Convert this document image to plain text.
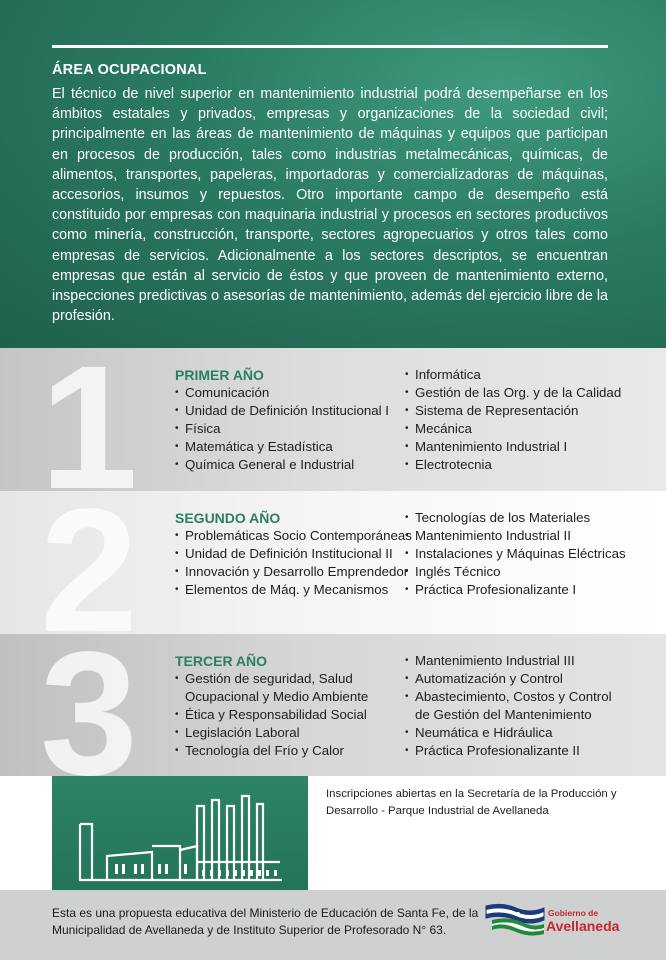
ÁREA OCUPACIONAL

El técnico de nivel superior en mantenimiento industrial podrá desempeñarse en los ámbitos estatales y privados, empresas y organizaciones de la sociedad civil; principalmente en las áreas de mantenimiento de máquinas y equipos que participan en procesos de producción, tales como industrias metalmecánicas, químicas, de alimentos, transportes, papeleras, importadoras y comercializadoras de máquinas, accesorios, insumos y repuestos. Otro importante campo de desempeño está constituido por empresas con maquinaria industrial y procesos en sectores productivos como minería, construcción, transporte, sectores agropecuarios y otros tales como empresas de servicios. Adicionalmente a los sectores descriptos, se encuentran empresas que están al servicio de éstos y que proveen de mantenimiento externo, inspecciones predictivas o asesorías de mantenimiento, además del ejercicio libre de la profesión.

1	PRIMER AÑO
• Comunicación
• Unidad de Definición Institucional I
• Física
• Matemática y Estadística
• Química General e Industrial
• Informática
• Gestión de las Org. y de la Calidad
• Sistema de Representación
• Mecánica
• Mantenimiento Industrial I
• Electrotecnia
2	SEGUNDO AÑO
• Problemáticas Socio Contemporáneas
• Unidad de Definición Institucional II
• Innovación y Desarrollo Emprendedor
• Elementos de Máq. y Mecanismos
• Tecnologías de los Materiales
• Mantenimiento Industrial II
• Instalaciones y Máquinas Eléctricas
• Inglés Técnico
• Práctica Profesionalizante I
3	TERCER AÑO
• Gestión de seguridad, Salud Ocupacional y Medio Ambiente
• Ética y Responsabilidad Social
• Legislación Laboral
• Tecnología del Frío y Calor
• Mantenimiento Industrial III
• Automatización y Control
• Abastecimiento, Costos y Control de Gestión del Mantenimiento
• Neumática e Hidráulica
• Práctica Profesionalizante II

Inscripciones abiertas en la Secretaría de la Producción y Desarrollo - Parque Industrial de Avellaneda

Esta es una propuesta educativa del Ministerio de Educación de Santa Fe, de la Municipalidad de Avellaneda y de Instituto Superior de Profesorado N° 63.

Gobierno de
Avellaneda
